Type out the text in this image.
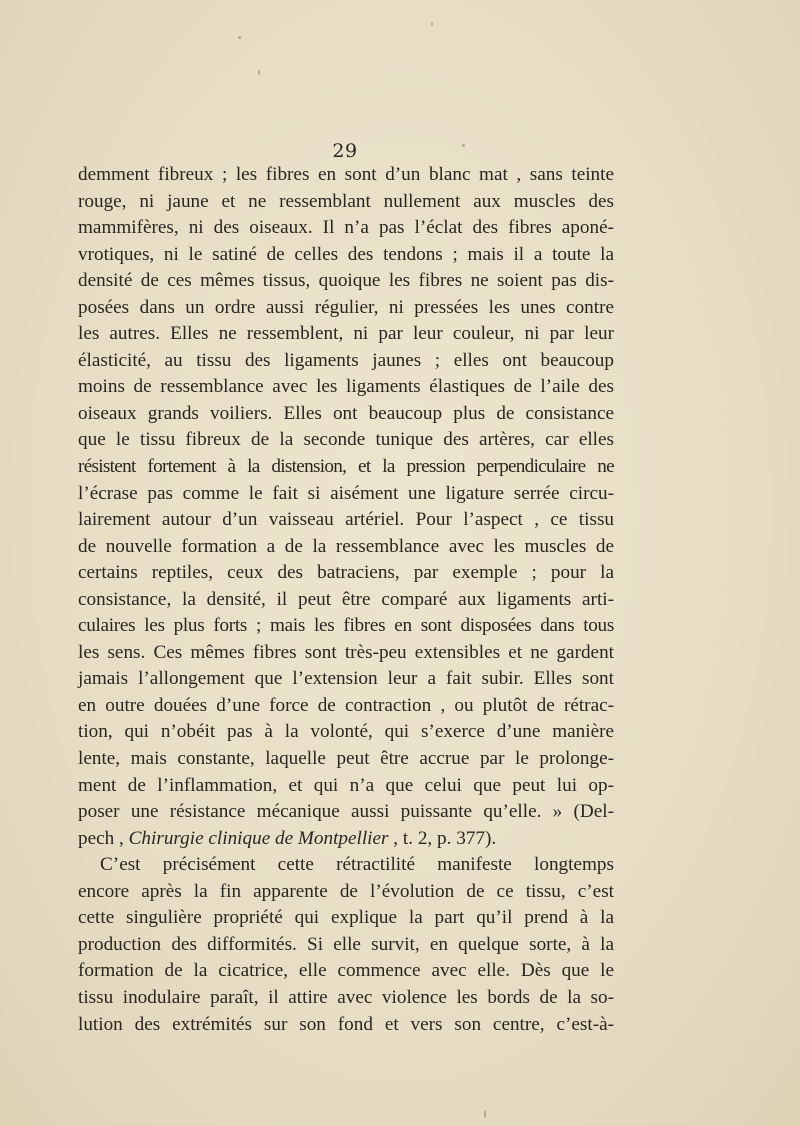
29
demment fibreux ; les fibres en sont d’un blanc mat , sans teinte
rouge, ni jaune et ne ressemblant nullement aux muscles des
mammifères, ni des oiseaux. Il n’a pas l’éclat des fibres aponé-
vrotiques, ni le satiné de celles des tendons ; mais il a toute la
densité de ces mêmes tissus, quoique les fibres ne soient pas dis-
posées dans un ordre aussi régulier, ni pressées les unes contre
les autres. Elles ne ressemblent, ni par leur couleur, ni par leur
élasticité, au tissu des ligaments jaunes ; elles ont beaucoup
moins de ressemblance avec les ligaments élastiques de l’aile des
oiseaux grands voiliers. Elles ont beaucoup plus de consistance
que le tissu fibreux de la seconde tunique des artères, car elles
résistent fortement à la distension, et la pression perpendiculaire ne
l’écrase pas comme le fait si aisément une ligature serrée circu-
lairement autour d’un vaisseau artériel. Pour l’aspect , ce tissu
de nouvelle formation a de la ressemblance avec les muscles de
certains reptiles, ceux des batraciens, par exemple ; pour la
consistance, la densité, il peut être comparé aux ligaments arti-
culaires les plus forts ; mais les fibres en sont disposées dans tous
les sens. Ces mêmes fibres sont très-peu extensibles et ne gardent
jamais l’allongement que l’extension leur a fait subir. Elles sont
en outre douées d’une force de contraction , ou plutôt de rétrac-
tion, qui n’obéit pas à la volonté, qui s’exerce d’une manière
lente, mais constante, laquelle peut être accrue par le prolonge-
ment de l’inflammation, et qui n’a que celui que peut lui op-
poser une résistance mécanique aussi puissante qu’elle. » (Del-
pech , Chirurgie clinique de Montpellier , t. 2, p. 377).
C’est précisément cette rétractilité manifeste longtemps
encore après la fin apparente de l’évolution de ce tissu, c’est
cette singulière propriété qui explique la part qu’il prend à la
production des difformités. Si elle survit, en quelque sorte, à la
formation de la cicatrice, elle commence avec elle. Dès que le
tissu inodulaire paraît, il attire avec violence les bords de la so-
lution des extrémités sur son fond et vers son centre, c’est-à-
